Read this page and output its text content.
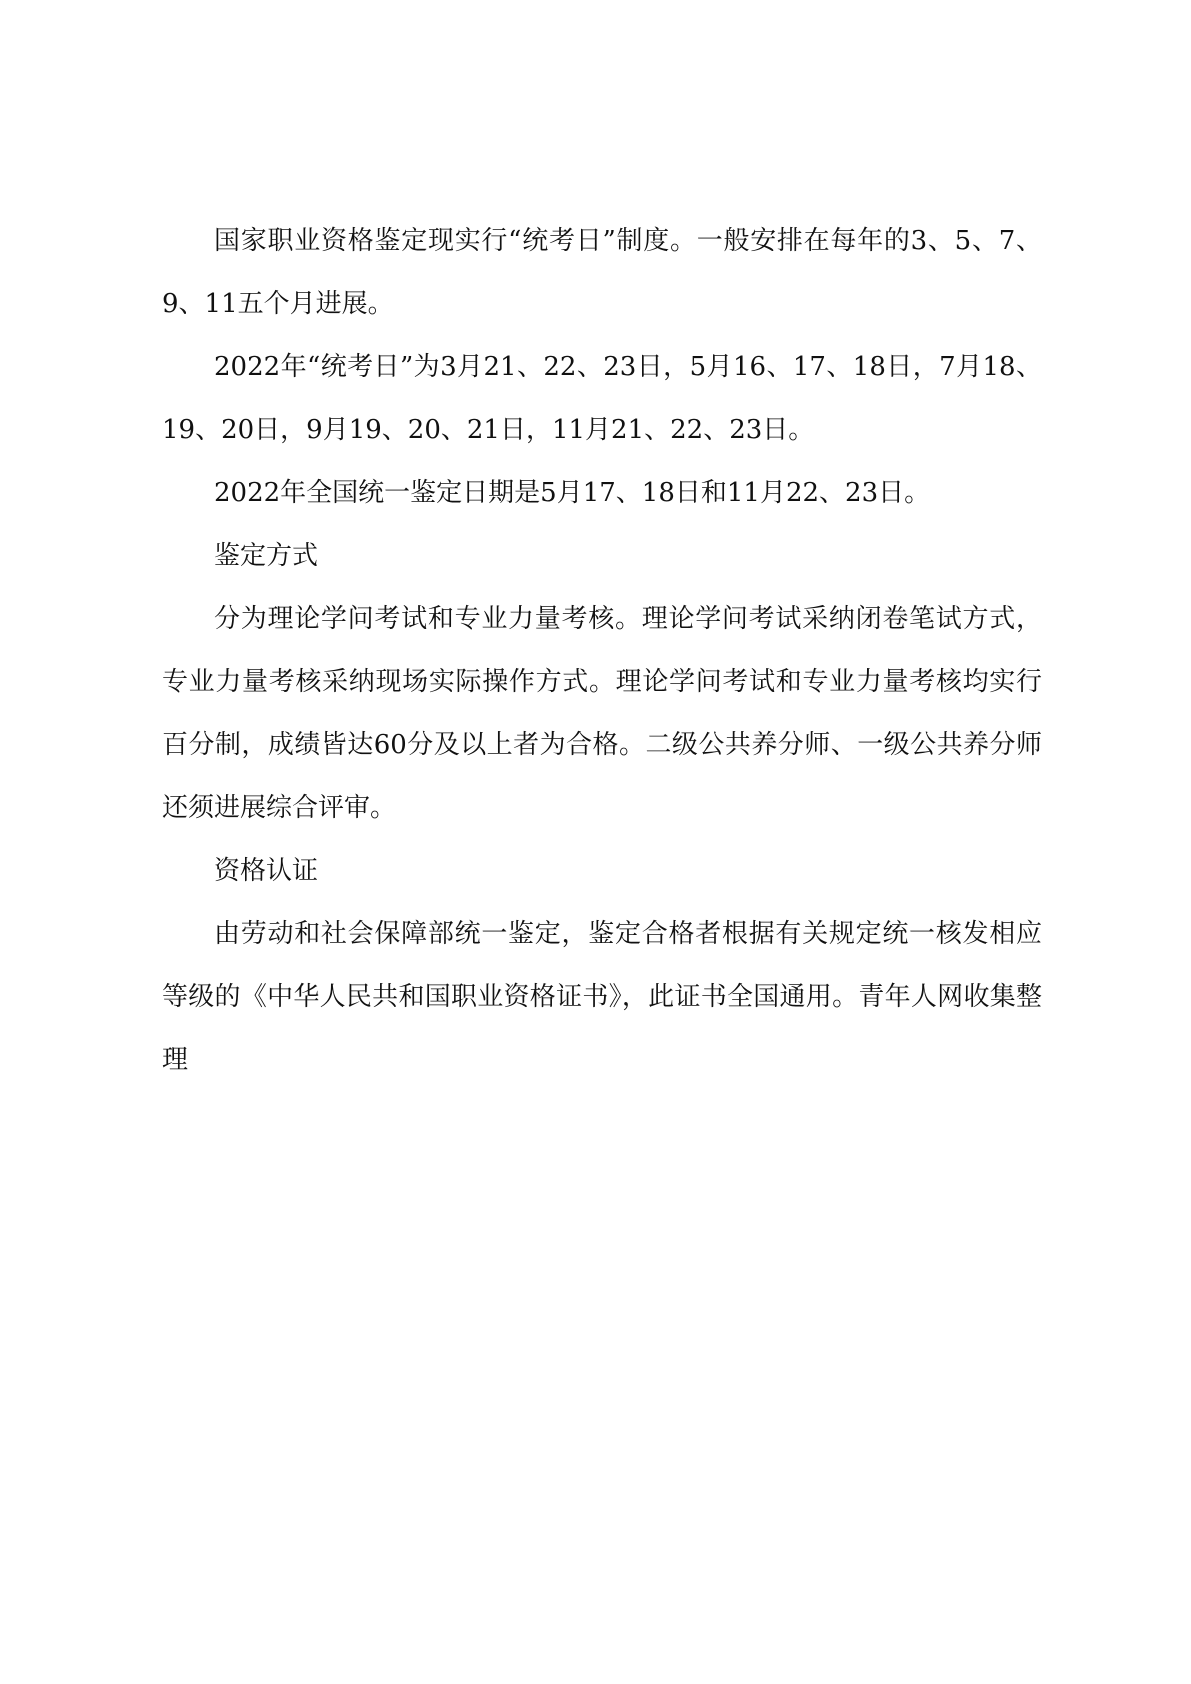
国家职业资格鉴定现实行“统考日”制度。一般安排在每年的3、5、7、9、11五个月进展。

2022年“统考日”为3月21、22、23日，5月16、17、18日，7月18、19、20日，9月19、20、21日，11月21、22、23日。

2022年全国统一鉴定日期是5月17、18日和11月22、23日。

鉴定方式

分为理论学问考试和专业力量考核。理论学问考试采纳闭卷笔试方式，专业力量考核采纳现场实际操作方式。理论学问考试和专业力量考核均实行百分制，成绩皆达60分及以上者为合格。二级公共养分师、一级公共养分师还须进展综合评审。

资格认证

由劳动和社会保障部统一鉴定，鉴定合格者根据有关规定统一核发相应等级的《中华人民共和国职业资格证书》，此证书全国通用。青年人网收集整理
